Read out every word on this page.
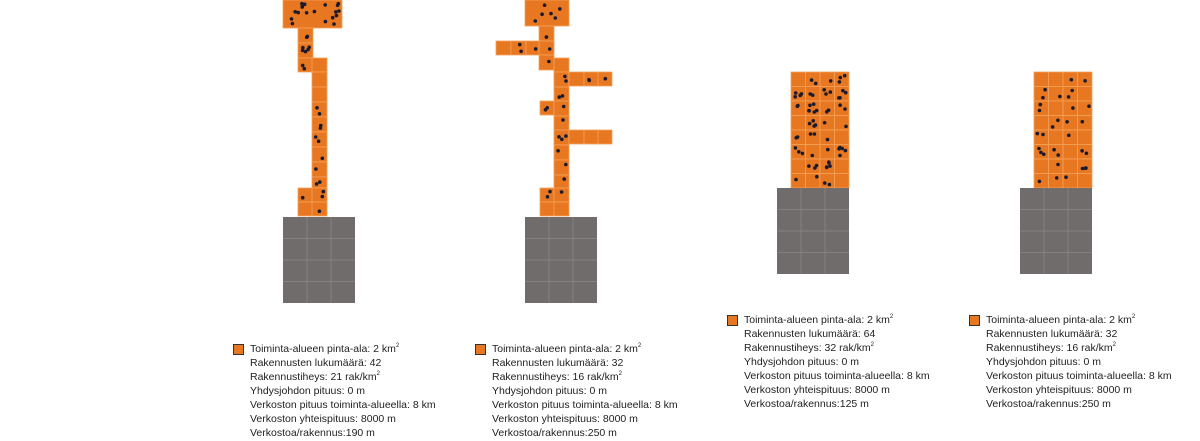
Toiminta-alueen pinta-ala: 2 $km^2$
Rakennusten lukumäärä: 42
Rakennustiheys: 21 rak/$km^2$
Yhdysjohdon pituus: 0 m
Verkoston pituus toiminta-alueella: 8 km
Verkoston yhteispituus: 8000 m
Verkostoa/rakennus:190 m
Toiminta-alueen pinta-ala: 2 $km^2$
Rakennusten lukumäärä: 32
Rakennustiheys: 16 rak/$km^2$
Yhdysjohdon pituus: 0 m
Verkoston pituus toiminta-alueella: 8 km
Verkoston yhteispituus: 8000 m
Verkostoa/rakennus:250 m
Toiminta-alueen pinta-ala: 2 $km^2$
Rakennusten lukumäärä: 64
Rakennustiheys: 32 rak/$km^2$
Yhdysjohdon pituus: 0 m
Verkoston pituus toiminta-alueella: 8 km
Verkoston yhteispituus: 8000 m
Verkostoa/rakennus:125 m
Toiminta-alueen pinta-ala: 2 $km^2$
Rakennusten lukumäärä: 32
Rakennustiheys: 16 rak/$km^2$
Yhdysjohdon pituus: 0 m
Verkoston pituus toiminta-alueella: 8 km
Verkoston yhteispituus: 8000 m
Verkostoa/rakennus:250 m
